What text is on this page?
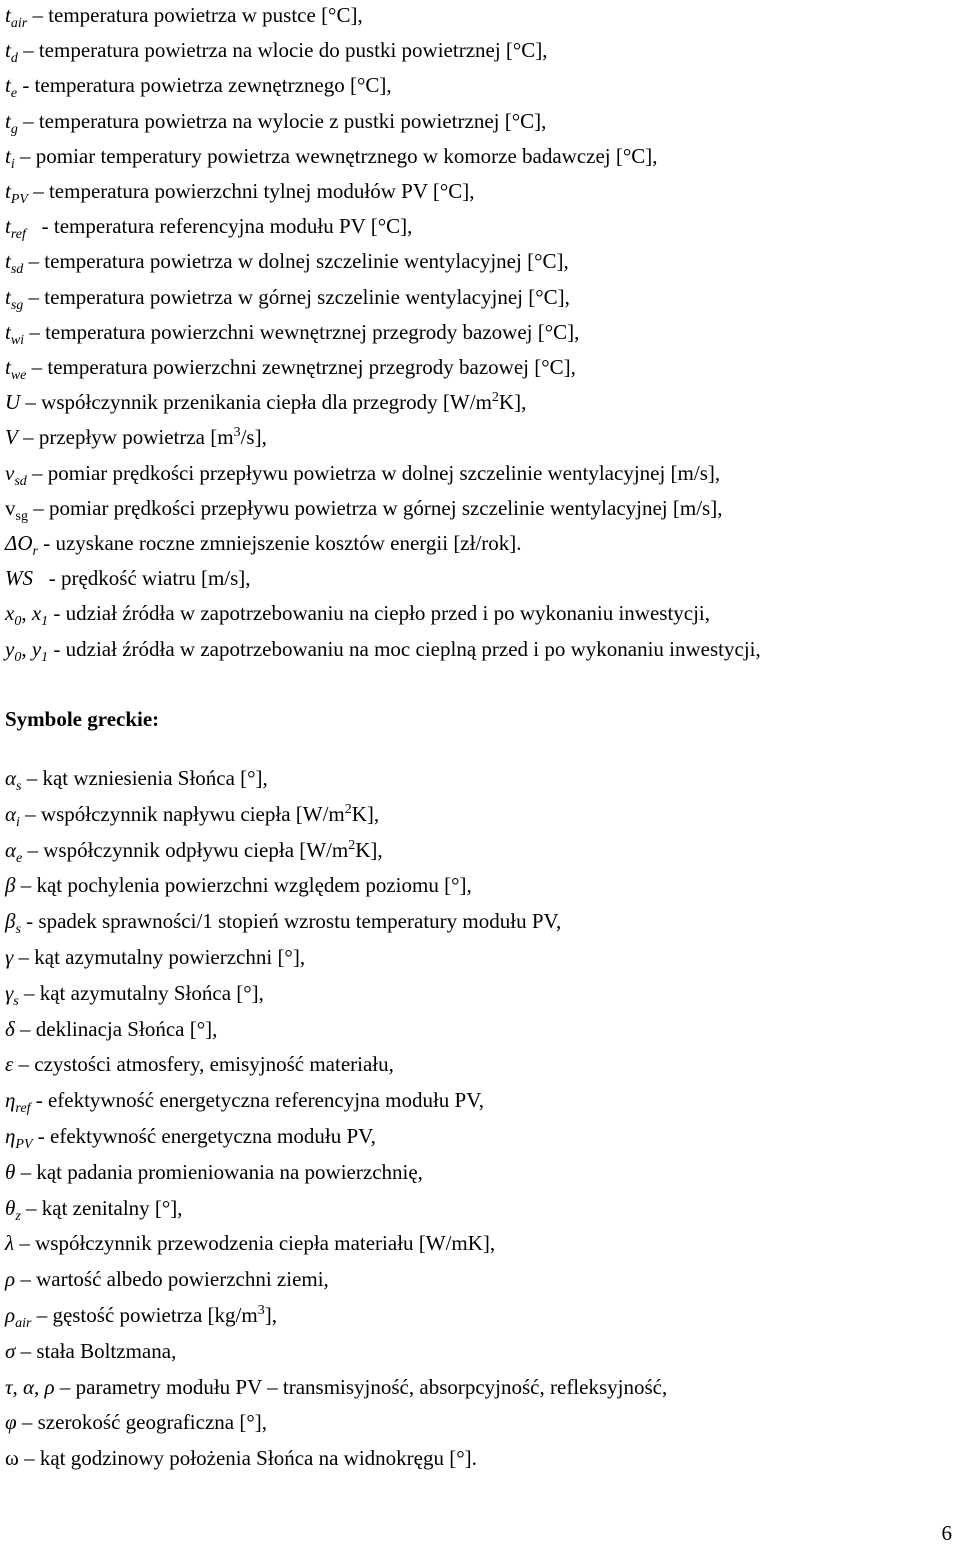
$t_{air}$ – temperatura powietrza w pustce [°C],
$t_d$ – temperatura powietrza na wlocie do pustki powietrznej [°C],
$t_e$ - temperatura powietrza zewnętrznego [°C],
$t_g$ – temperatura powietrza na wylocie z pustki powietrznej [°C],
$t_i$ – pomiar temperatury powietrza wewnętrznego w komorze badawczej [°C],
$t_{PV}$ – temperatura powierzchni tylnej modułów PV [°C],
$t_{ref}$   - temperatura referencyjna modułu PV [°C],
$t_{sd}$ – temperatura powietrza w dolnej szczelinie wentylacyjnej [°C],
$t_{sg}$ – temperatura powietrza w górnej szczelinie wentylacyjnej [°C],
$t_{wi}$ – temperatura powierzchni wewnętrznej przegrody bazowej [°C],
$t_{we}$ – temperatura powierzchni zewnętrznej przegrody bazowej [°C],
U – współczynnik przenikania ciepła dla przegrody $[W/m^2K]$,
V – przepływ powietrza $[m^3/s]$,
$v_{sd}$ – pomiar prędkości przepływu powietrza w dolnej szczelinie wentylacyjnej [m/s],
$v_{sg}$ – pomiar prędkości przepływu powietrza w górnej szczelinie wentylacyjnej [m/s],
$\Delta O_r$ - uzyskane roczne zmniejszenie kosztów energii [zł/rok].
WS   - prędkość wiatru [m/s],
$x_0$, $x_1$ - udział źródła w zapotrzebowaniu na ciepło przed i po wykonaniu inwestycji,
$y_0$, $y_1$ - udział źródła w zapotrzebowaniu na moc cieplną przed i po wykonaniu inwestycji,
Symbole greckie:
$\alpha_s$ – kąt wzniesienia Słońca [°],
$\alpha_i$ – współczynnik napływu ciepła $[W/m^2K]$,
$\alpha_e$ – współczynnik odpływu ciepła $[W/m^2K]$,
β – kąt pochylenia powierzchni względem poziomu [°],
$\beta_s$ - spadek sprawności/1 stopień wzrostu temperatury modułu PV,
γ – kąt azymutalny powierzchni [°],
$\gamma_s$ – kąt azymutalny Słońca [°],
δ – deklinacja Słońca [°],
ε – czystości atmosfery, emisyjność materiału,
$\eta_{ref}$ - efektywność energetyczna referencyjna modułu PV,
$\eta_{PV}$ - efektywność energetyczna modułu PV,
θ – kąt padania promieniowania na powierzchnię,
$\theta_z$ – kąt zenitalny [°],
λ – współczynnik przewodzenia ciepła materiału [W/mK],
ρ – wartość albedo powierzchni ziemi,
$\rho_{air}$ – gęstość powietrza $[kg/m^3]$,
σ – stała Boltzmana,
τ, α, ρ – parametry modułu PV – transmisyjność, absorpcyjność, refleksyjność,
φ – szerokość geograficzna [°],
ω – kąt godzinowy położenia Słońca na widnokręgu [°].
6
